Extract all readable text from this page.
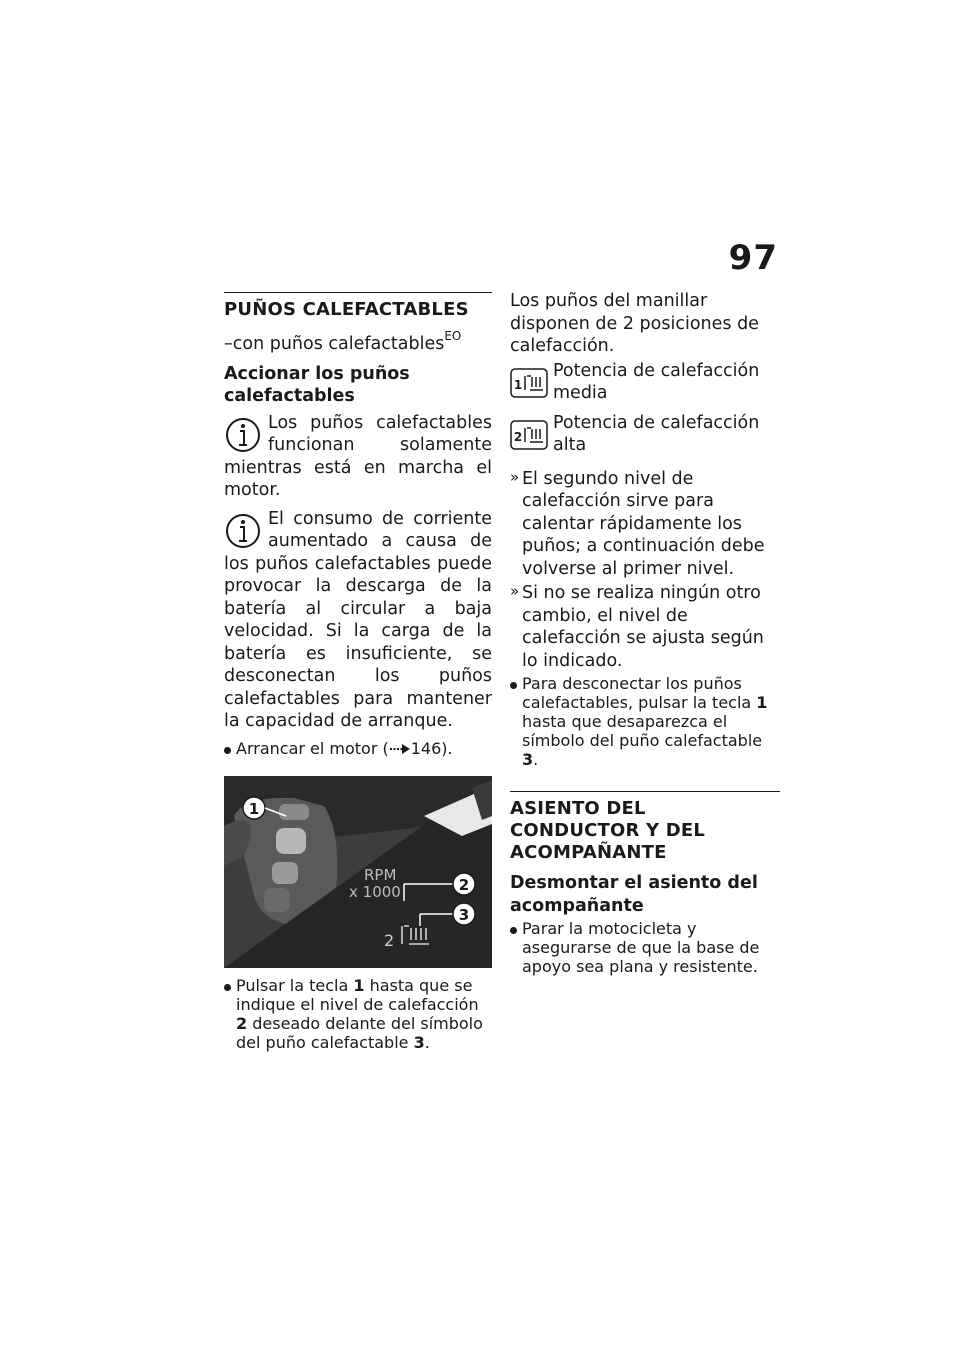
97
PUÑOS CALEFACTABLES
–con puños calefactables$^{EO}$
Accionar los puños calefactables

Los puños calefactables funcionan solamente mientras está en marcha el motor.

El consumo de corriente aumentado a causa de los puños calefactables puede provocar la descarga de la batería al circular a baja velocidad. Si la carga de la batería es insuficiente, se desconectan los puños calefactables para mantener la capacidad de arranque.

Arrancar el motor ( 146).
1
RPM
x 1000
2
2
3
Pulsar la tecla 1 hasta que se indique el nivel de calefacción 2 deseado delante del símbolo del puño calefactable 3.

Los puños del manillar disponen de 2 posiciones de calefacción.

1
Potencia de calefacción media
2
Potencia de calefacción alta
» El segundo nivel de calefacción sirve para calentar rápidamente los puños; a continuación debe volverse al primer nivel.

» Si no se realiza ningún otro cambio, el nivel de calefacción se ajusta según lo indicado.

Para desconectar los puños calefactables, pulsar la tecla 1 hasta que desaparezca el símbolo del puño calefactable 3.
ASIENTO DEL CONDUCTOR Y DEL ACOMPAÑANTE
Desmontar el asiento del acompañante
Parar la motocicleta y asegurarse de que la base de apoyo sea plana y resistente.
